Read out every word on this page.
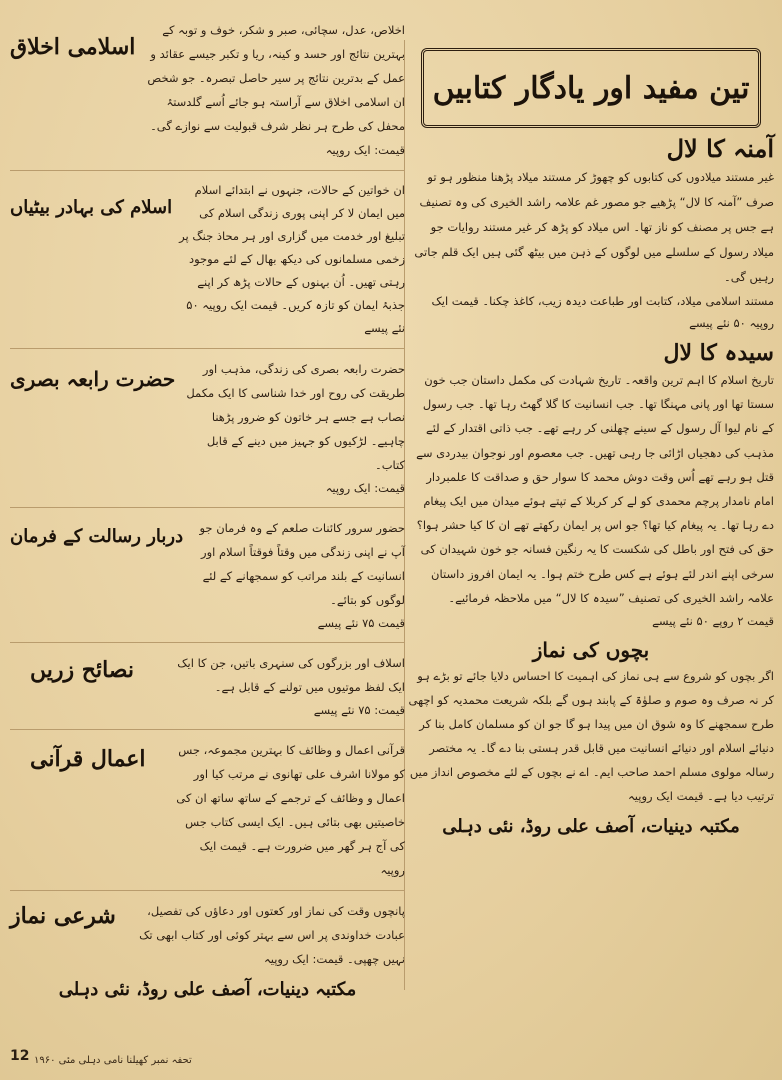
تین مفید اور یادگار کتابیں
آمنہ کا لال
غیر مستند میلادوں کی کتابوں کو چھوڑ کر مستند میلاد پڑھنا منظور ہو تو صرف ”آمنہ کا لال“ پڑھیے جو مصور غم علامہ راشد الخیری کی وہ تصنیف ہے جس پر مصنف کو ناز تھا۔ اس میلاد کو پڑھ کر غیر مستند روایات جو میلاد رسول کے سلسلے میں لوگوں کے ذہن میں بیٹھ گئی ہیں ایک قلم جاتی رہیں گی۔
مستند اسلامی میلاد، کتابت اور طباعت دیدہ زیب، کاغذ چکنا۔ قیمت ایک روپیہ ۵۰ نئے پیسے
سیدہ کا لال
تاریخ اسلام کا اہم ترین واقعہ۔ تاریخ شہادت کی مکمل داستان جب خون سستا تھا اور پانی مہنگا تھا۔ جب انسانیت کا گلا گھٹ رہا تھا۔ جب رسول کے نام لیوا آل رسول کے سینے چھلنی کر رہے تھے۔ جب ذاتی اقتدار کے لئے مذہب کی دھجیاں اڑائی جا رہی تھیں۔ جب معصوم اور نوجوان بیدردی سے قتل ہو رہے تھے اُس وقت دوش محمد کا سوار حق و صداقت کا علمبردار امام نامدار پرچم محمدی کو لے کر کربلا کے تپتے ہوئے میدان میں ایک پیغام دے رہا تھا۔ یہ پیغام کیا تھا؟ جو اس پر ایمان رکھتے تھے ان کا کیا حشر ہوا؟ حق کی فتح اور باطل کی شکست کا یہ رنگین فسانہ جو خون شہیدان کی سرخی اپنے اندر لئے ہوئے ہے کس طرح ختم ہوا۔ یہ ایمان افروز داستان علامہ راشد الخیری کی تصنیف ”سیدہ کا لال“ میں ملاحظہ فرمائیے۔
قیمت ۲ روپے ۵۰ نئے پیسے
بچوں کی نماز
اگر بچوں کو شروع سے ہی نماز کی اہمیت کا احساس دلایا جائے تو بڑے ہو کر نہ صرف وہ صوم و صلوٰۃ کے پابند ہوں گے بلکہ شریعت محمدیہ کو اچھی طرح سمجھنے کا وہ شوق ان میں پیدا ہو گا جو ان کو مسلمان کامل بنا کر دنیائے اسلام اور دنیائے انسانیت میں قابل قدر ہستی بنا دے گا۔ یہ مختصر رسالہ مولوی مسلم احمد صاحب ایم۔ اے نے بچوں کے لئے مخصوص انداز میں ترتیب دیا ہے۔ قیمت ایک روپیہ
مکتبہ دینیات، آصف علی روڈ، نئی دہلی
اخلاص، عدل، سچائی، صبر و شکر، خوف و توبہ کے بہترین نتائج اور حسد و کینہ، ریا و تکبر جیسے عقائد و عمل کے بدترین نتائج پر سیر حاصل تبصرہ۔ جو شخص ان اسلامی اخلاق سے آراستہ ہو جائے اُسے گلدستۂ محفل کی طرح ہر نظر شرف قبولیت سے نوازے گی۔ قیمت: ایک روپیہ
اسلامی اخلاق
ان خواتین کے حالات، جنہوں نے ابتدائے اسلام میں ایمان لا کر اپنی پوری زندگی اسلام کی تبلیغ اور خدمت میں گزاری اور ہر محاذ جنگ پر زخمی مسلمانوں کی دیکھ بھال کے لئے موجود رہتی تھیں۔ اُن بہنوں کے حالات پڑھ کر اپنے جذبۂ ایمان کو تازہ کریں۔ قیمت ایک روپیہ ۵۰ نئے پیسے
اسلام کی بہادر بیٹیاں
حضرت رابعہ بصری کی زندگی، مذہب اور طریقت کی روح اور خدا شناسی کا ایک مکمل نصاب ہے جسے ہر خاتون کو ضرور پڑھنا چاہیے۔ لڑکیوں کو جہیز میں دینے کے قابل کتاب۔
حضرت رابعہ بصری
قیمت: ایک روپیہ
حضور سرور کائنات صلعم کے وہ فرمان جو آپ نے اپنی زندگی میں وقتاً فوقتاً اسلام اور انسانیت کے بلند مراتب کو سمجھانے کے لئے لوگوں کو بتائے۔
دربار رسالت کے فرمان
قیمت ۷۵ نئے پیسے
اسلاف اور بزرگوں کی سنہری باتیں، جن کا ایک ایک لفظ موتیوں میں تولنے کے قابل ہے۔
نصائح زریں
قیمت: ۷۵ نئے پیسے
قرآنی اعمال و وظائف کا بہترین مجموعہ، جس کو مولانا اشرف علی تھانوی نے مرتب کیا اور اعمال و وظائف کے ترجمے کے ساتھ ساتھ ان کی خاصیتیں بھی بتائی ہیں۔ ایک ایسی کتاب جس کی آج ہر گھر میں ضرورت ہے۔ قیمت ایک روپیہ
اعمال قرآنی
پانچوں وقت کی نماز اور کعتوں اور دعاؤں کی تفصیل، عبادت خداوندی پر اس سے بہتر کوئی اور کتاب ابھی تک نہیں چھپی۔ قیمت: ایک روپیہ
شرعی نماز
مکتبہ دینیات، آصف علی روڈ، نئی دہلی
12 تحفہ نمبر کھیلنا نامی دہلی مئی ۱۹۶۰
